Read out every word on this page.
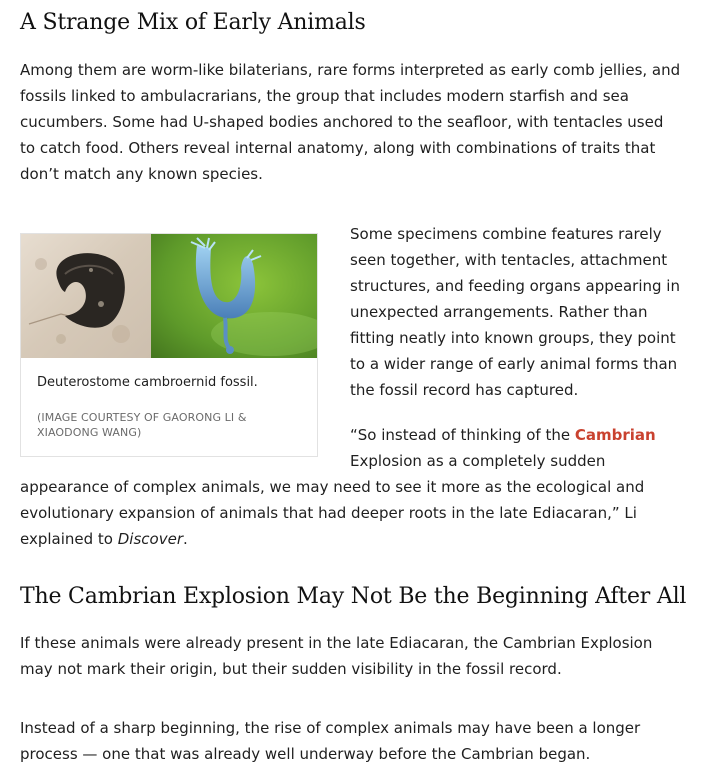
A Strange Mix of Early Animals

Among them are worm-like bilaterians, rare forms interpreted as early comb jellies, and fossils linked to ambulacrarians, the group that includes modern starfish and sea cucumbers. Some had U-shaped bodies anchored to the seafloor, with tentacles used to catch food. Others reveal internal anatomy, along with combinations of traits that don’t match any known species.

Deuterostome cambroernid fossil.
(IMAGE COURTESY OF GAORONG LI & XIAODONG WANG)

Some specimens combine features rarely seen together, with tentacles, attachment structures, and feeding organs appearing in unexpected arrangements. Rather than fitting neatly into known groups, they point to a wider range of early animal forms than the fossil record has captured.

“So instead of thinking of the Cambrian
Explosion as a completely sudden

appearance of complex animals, we may need to see it more as the ecological and evolutionary expansion of animals that had deeper roots in the late Ediacaran,” Li explained to Discover.

The Cambrian Explosion May Not Be the Beginning After All

If these animals were already present in the late Ediacaran, the Cambrian Explosion may not mark their origin, but their sudden visibility in the fossil record.

Instead of a sharp beginning, the rise of complex animals may have been a longer process — one that was already well underway before the Cambrian began.
